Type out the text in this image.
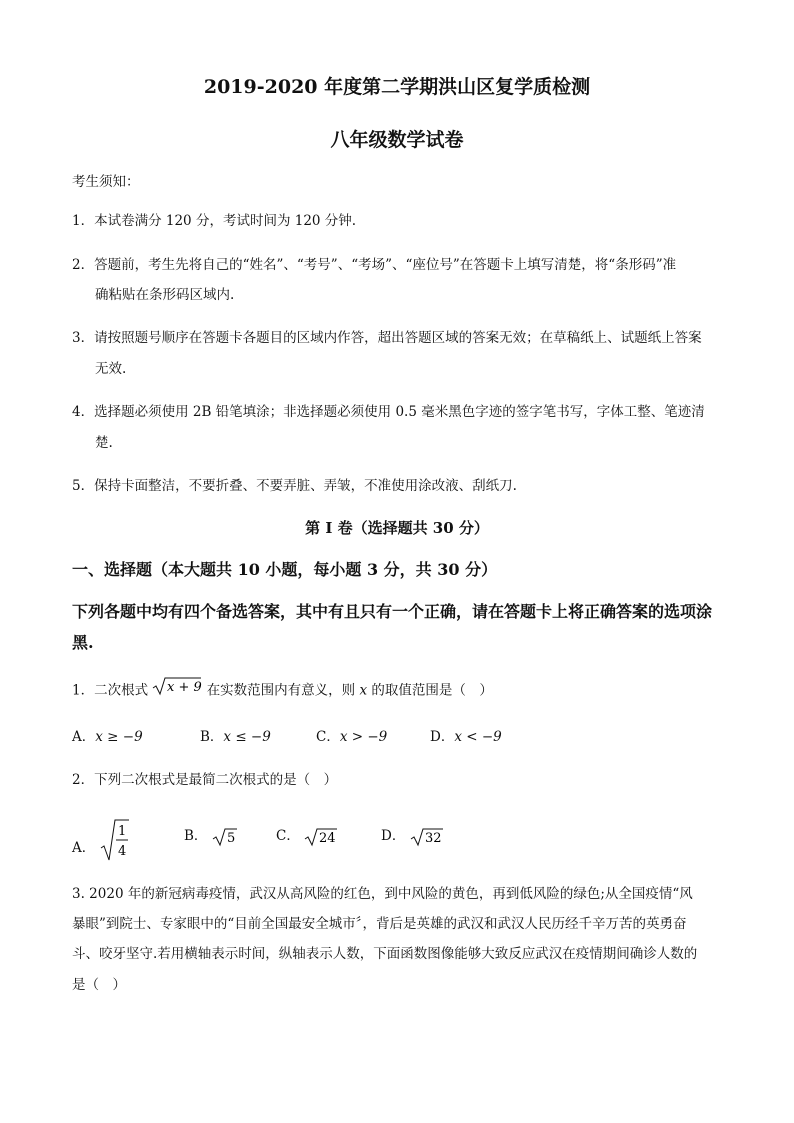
2019-2020 年度第二学期洪山区复学质检测
八年级数学试卷
考生须知：
1．本试卷满分 120 分，考试时间为 120 分钟.
2．答题前，考生先将自己的“姓名”、“考号”、“考场”、“座位号”在答题卡上填写清楚，将“条形码”准
确粘贴在条形码区域内.
3．请按照题号顺序在答题卡各题目的区域内作答，超出答题区域的答案无效；在草稿纸上、试题纸上答案
无效.
4．选择题必须使用 2B 铅笔填涂；非选择题必须使用 0.5 毫米黑色字迹的签字笔书写，字体工整、笔迹清
楚.
5．保持卡面整洁，不要折叠、不要弄脏、弄皱，不准使用涂改液、刮纸刀.
第 I 卷（选择题共 30 分）
一、选择题（本大题共 10 小题，每小题 3 分，共 30 分）
下列各题中均有四个备选答案，其中有且只有一个正确，请在答题卡上将正确答案的选项涂
黑.
1．二次根式 x + 9 在实数范围内有意义，则 x 的取值范围是（　）
A．x ≥ −9	B．x ≤ −9	C．x > −9	D．x < −9
2．下列二次根式是最简二次根式的是（　）
A．
1
4
B． 5	C． 24	D． 32
3. 2020 年的新冠病毒疫情，武汉从高风险的红色，到中风险的黄色，再到低风险的绿色;从全国疫情“风
暴眼”到院士、专家眼中的“目前全国最安全城市〞，背后是英雄的武汉和武汉人民历经千辛万苦的英勇奋
斗、咬牙坚守.若用横轴表示时间，纵轴表示人数，下面函数图像能够大致反应武汉在疫情期间确诊人数的
是（　）
